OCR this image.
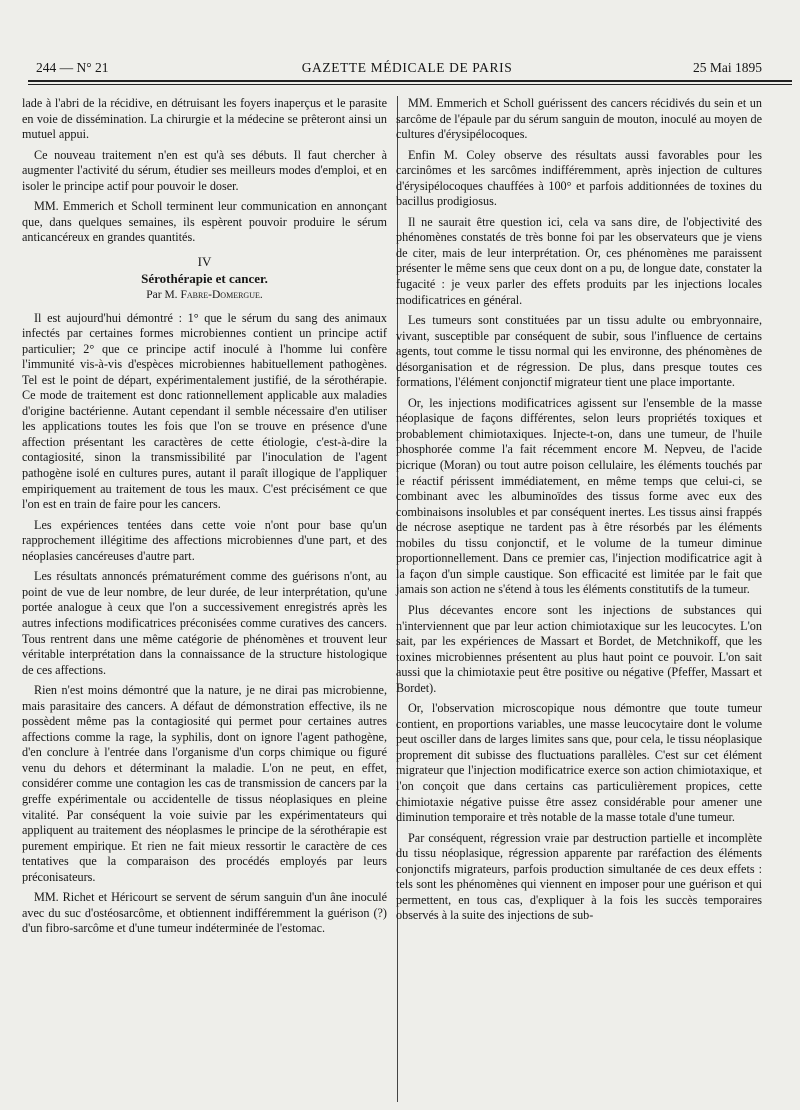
244 — N° 21	GAZETTE MÉDICALE DE PARIS	25 Mai 1895

lade à l'abri de la récidive, en détruisant les foyers inaperçus et le parasite en voie de dissémination. La chirurgie et la médecine se prêteront ainsi un mutuel appui.

Ce nouveau traitement n'en est qu'à ses débuts. Il faut chercher à augmenter l'activité du sérum, étudier ses meilleurs modes d'emploi, et en isoler le principe actif pour pouvoir le doser.

MM. Emmerich et Scholl terminent leur communication en annonçant que, dans quelques semaines, ils espèrent pouvoir produire le sérum anticancéreux en grandes quantités.

IV
Sérothérapie et cancer.
Par M. Fabre-Domergue.

Il est aujourd'hui démontré : 1° que le sérum du sang des animaux infectés par certaines formes microbiennes contient un principe actif particulier; 2° que ce principe actif inoculé à l'homme lui confère l'immunité vis-à-vis d'espèces microbiennes habituellement pathogènes. Tel est le point de départ, expérimentalement justifié, de la sérothérapie. Ce mode de traitement est donc rationnellement applicable aux maladies d'origine bactérienne. Autant cependant il semble nécessaire d'en utiliser les applications toutes les fois que l'on se trouve en présence d'une affection présentant les caractères de cette étiologie, c'est-à-dire la contagiosité, sinon la transmissibilité par l'inoculation de l'agent pathogène isolé en cultures pures, autant il paraît illogique de l'appliquer empiriquement au traitement de tous les maux. C'est précisément ce que l'on est en train de faire pour les cancers.

Les expériences tentées dans cette voie n'ont pour base qu'un rapprochement illégitime des affections microbiennes d'une part, et des néoplasies cancéreuses d'autre part.

Les résultats annoncés prématurément comme des guérisons n'ont, au point de vue de leur nombre, de leur durée, de leur interprétation, qu'une portée analogue à ceux que l'on a successivement enregistrés après les autres infections modificatrices préconisées comme curatives des cancers. Tous rentrent dans une même catégorie de phénomènes et trouvent leur véritable interprétation dans la connaissance de la structure histologique de ces affections.

Rien n'est moins démontré que la nature, je ne dirai pas microbienne, mais parasitaire des cancers. A défaut de démonstration effective, ils ne possèdent même pas la contagiosité qui permet pour certaines autres affections comme la rage, la syphilis, dont on ignore l'agent pathogène, d'en conclure à l'entrée dans l'organisme d'un corps chimique ou figuré venu du dehors et déterminant la maladie. L'on ne peut, en effet, considérer comme une contagion les cas de transmission de cancers par la greffe expérimentale ou accidentelle de tissus néoplasiques en pleine vitalité. Par conséquent la voie suivie par les expérimentateurs qui appliquent au traitement des néoplasmes le principe de la sérothérapie est purement empirique. Et rien ne fait mieux ressortir le caractère de ces tentatives que la comparaison des procédés employés par leurs préconisateurs.

MM. Richet et Héricourt se servent de sérum sanguin d'un âne inoculé avec du suc d'ostéosarcôme, et obtiennent indifféremment la guérison (?) d'un fibro-sarcôme et d'une tumeur indéterminée de l'estomac.

MM. Emmerich et Scholl guérissent des cancers récidivés du sein et un sarcôme de l'épaule par du sérum sanguin de mouton, inoculé au moyen de cultures d'érysipélocoques.

Enfin M. Coley observe des résultats aussi favorables pour les carcinômes et les sarcômes indifféremment, après injection de cultures d'érysipélocoques chauffées à 100° et parfois additionnées de toxines du bacillus prodigiosus.

Il ne saurait être question ici, cela va sans dire, de l'objectivité des phénomènes constatés de très bonne foi par les observateurs que je viens de citer, mais de leur interprétation. Or, ces phénomènes me paraissent présenter le même sens que ceux dont on a pu, de longue date, constater la fugacité : je veux parler des effets produits par les injections locales modificatrices en général.

Les tumeurs sont constituées par un tissu adulte ou embryonnaire, vivant, susceptible par conséquent de subir, sous l'influence de certains agents, tout comme le tissu normal qui les environne, des phénomènes de désorganisation et de régression. De plus, dans presque toutes ces formations, l'élément conjonctif migrateur tient une place importante.

Or, les injections modificatrices agissent sur l'ensemble de la masse néoplasique de façons différentes, selon leurs propriétés toxiques et probablement chimiotaxiques. Injecte-t-on, dans une tumeur, de l'huile phosphorée comme l'a fait récemment encore M. Nepveu, de l'acide picrique (Moran) ou tout autre poison cellulaire, les éléments touchés par le réactif périssent immédiatement, en même temps que celui-ci, se combinant avec les albuminoïdes des tissus forme avec eux des combinaisons insolubles et par conséquent inertes. Les tissus ainsi frappés de nécrose aseptique ne tardent pas à être résorbés par les éléments mobiles du tissu conjonctif, et le volume de la tumeur diminue proportionnellement. Dans ce premier cas, l'injection modificatrice agit à la façon d'un simple caustique. Son efficacité est limitée par le fait que jamais son action ne s'étend à tous les éléments constitutifs de la tumeur.

Plus décevantes encore sont les injections de substances qui n'interviennent que par leur action chimiotaxique sur les leucocytes. L'on sait, par les expériences de Massart et Bordet, de Metchnikoff, que les toxines microbiennes présentent au plus haut point ce pouvoir. L'on sait aussi que la chimiotaxie peut être positive ou négative (Pfeffer, Massart et Bordet).

Or, l'observation microscopique nous démontre que toute tumeur contient, en proportions variables, une masse leucocytaire dont le volume peut osciller dans de larges limites sans que, pour cela, le tissu néoplasique proprement dit subisse des fluctuations parallèles. C'est sur cet élément migrateur que l'injection modificatrice exerce son action chimiotaxique, et l'on conçoit que dans certains cas particulièrement propices, cette chimiotaxie négative puisse être assez considérable pour amener une diminution temporaire et très notable de la masse totale d'une tumeur.

Par conséquent, régression vraie par destruction partielle et incomplète du tissu néoplasique, régression apparente par raréfaction des éléments conjonctifs migrateurs, parfois production simultanée de ces deux effets : tels sont les phénomènes qui viennent en imposer pour une guérison et qui permettent, en tous cas, d'expliquer à la fois les succès temporaires observés à la suite des injections de sub-
